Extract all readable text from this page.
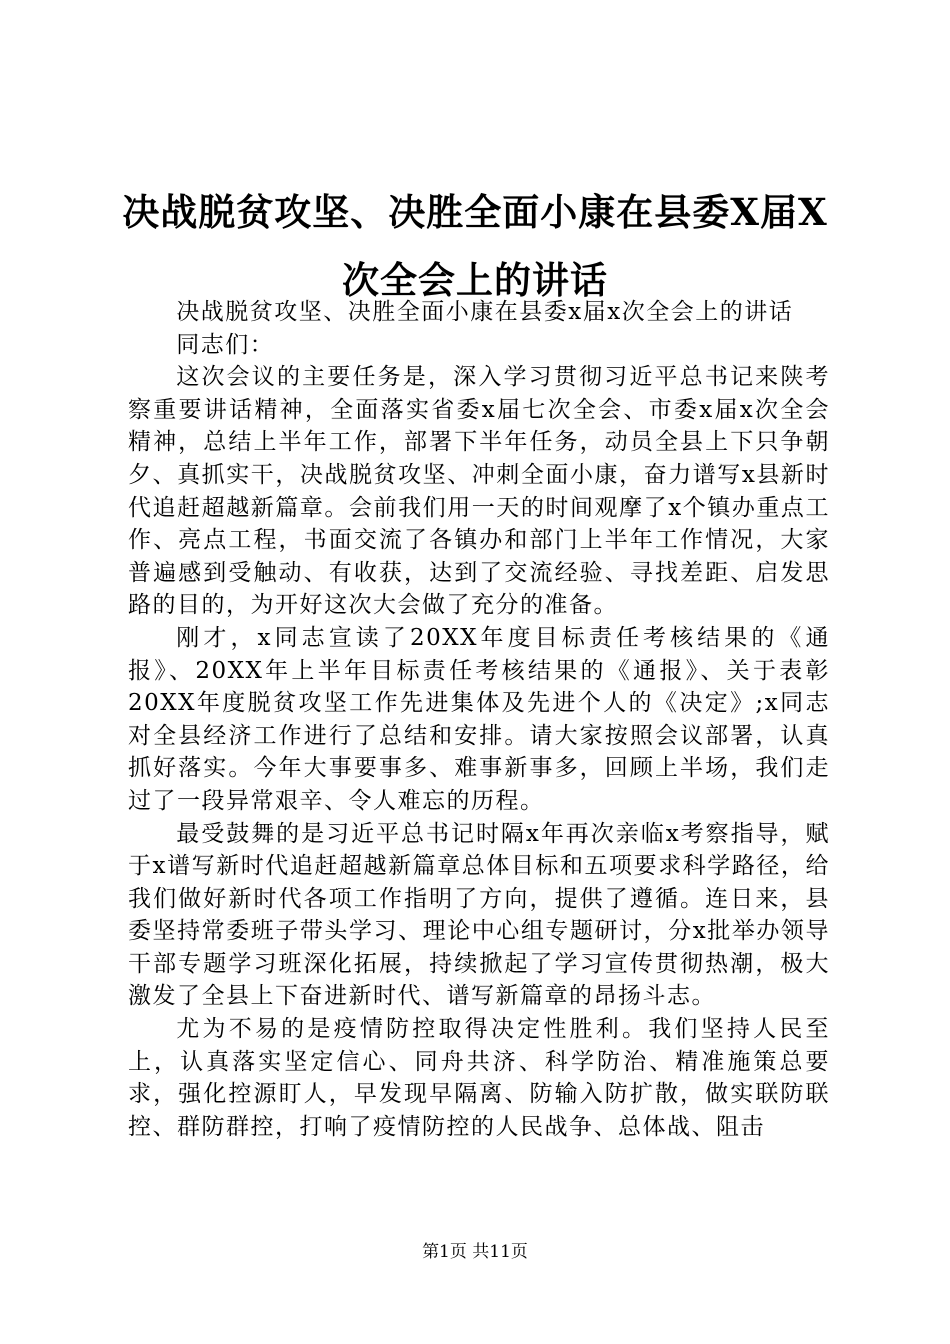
决战脱贫攻坚、决胜全面小康在县委X届X次全会上的讲话

决战脱贫攻坚、决胜全面小康在县委x届x次全会上的讲话

同志们：

这次会议的主要任务是，深入学习贯彻习近平总书记来陕考察重要讲话精神，全面落实省委x届七次全会、市委x届x次全会精神，总结上半年工作，部署下半年任务，动员全县上下只争朝夕、真抓实干，决战脱贫攻坚、冲刺全面小康，奋力谱写x县新时代追赶超越新篇章。会前我们用一天的时间观摩了x个镇办重点工作、亮点工程，书面交流了各镇办和部门上半年工作情况，大家普遍感到受触动、有收获，达到了交流经验、寻找差距、启发思路的目的，为开好这次大会做了充分的准备。

刚才，x同志宣读了20XX年度目标责任考核结果的《通报》、20XX年上半年目标责任考核结果的《通报》、关于表彰20XX年度脱贫攻坚工作先进集体及先进个人的《决定》;x同志对全县经济工作进行了总结和安排。请大家按照会议部署，认真抓好落实。今年大事要事多、难事新事多，回顾上半场，我们走过了一段异常艰辛、令人难忘的历程。

最受鼓舞的是习近平总书记时隔x年再次亲临x考察指导，赋于x谱写新时代追赶超越新篇章总体目标和五项要求科学路径，给我们做好新时代各项工作指明了方向，提供了遵循。连日来，县委坚持常委班子带头学习、理论中心组专题研讨，分x批举办领导干部专题学习班深化拓展，持续掀起了学习宣传贯彻热潮，极大激发了全县上下奋进新时代、谱写新篇章的昂扬斗志。

尤为不易的是疫情防控取得决定性胜利。我们坚持人民至上，认真落实坚定信心、同舟共济、科学防治、精准施策总要求，强化控源盯人，早发现早隔离、防输入防扩散，做实联防联控、群防群控，打响了疫情防控的人民战争、总体战、阻击

第1页 共11页
